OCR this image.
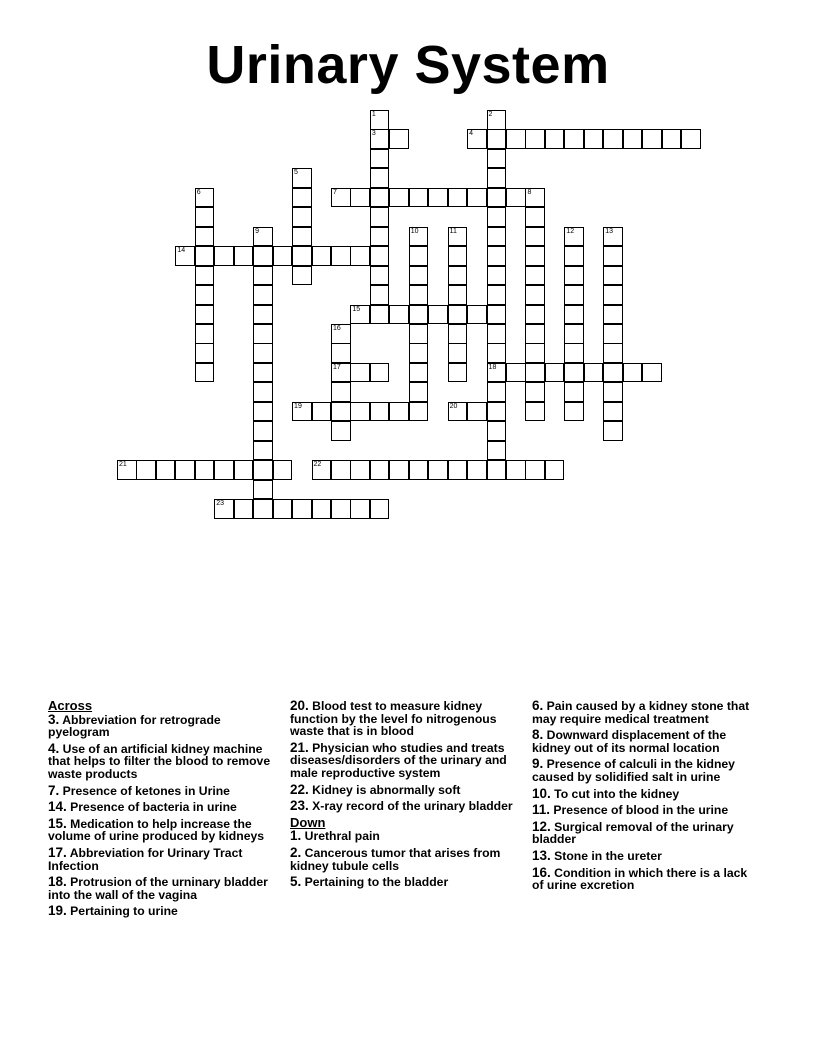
Urinary System
1
3
2
18
4
5
6	7	8
9	10	11	12	13
14
15
16
17
19	20
21	22
23
Across
3. Abbreviation for retrograde pyelogram
4. Use of an artificial kidney machine that helps to filter the blood to remove waste products
7. Presence of ketones in Urine
14. Presence of bacteria in urine
15. Medication to help increase the volume of urine produced by kidneys
17. Abbreviation for Urinary Tract Infection
18. Protrusion of the urninary bladder into the wall of the vagina
19. Pertaining to urine
20. Blood test to measure kidney function by the level fo nitrogenous waste that is in blood
21. Physician who studies and treats diseases/disorders of the urinary and male reproductive system
22. Kidney is abnormally soft
23. X-ray record of the urinary bladder
Down
1. Urethral pain
2. Cancerous tumor that arises from kidney tubule cells
5. Pertaining to the bladder
6. Pain caused by a kidney stone that may require medical treatment
8. Downward displacement of the kidney out of its normal location
9. Presence of calculi in the kidney caused by solidified salt in urine
10. To cut into the kidney
11. Presence of blood in the urine
12. Surgical removal of the urinary bladder
13. Stone in the ureter
16. Condition in which there is a lack of urine excretion
